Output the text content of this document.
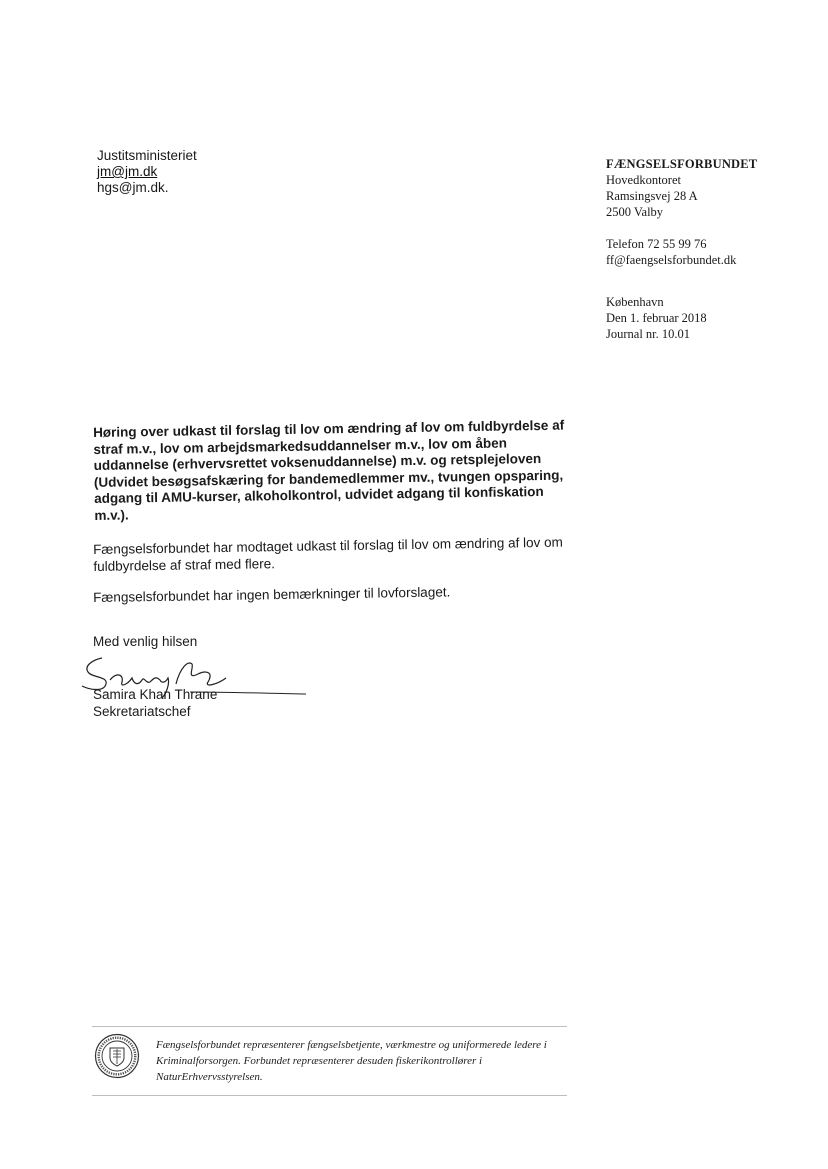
Justitsministeriet
jm@jm.dk
hgs@jm.dk.
FÆNGSELSFORBUNDET
Hovedkontoret
Ramsingsvej 28 A
2500 Valby
Telefon 72 55 99 76
ff@faengselsforbundet.dk
København
Den 1. februar 2018
Journal nr. 10.01
Høring over udkast til forslag til lov om ændring af lov om fuldbyrdelse af straf m.v., lov om arbejdsmarkedsuddannelser m.v., lov om åben uddannelse (erhvervsrettet voksenuddannelse) m.v. og retsplejeloven (Udvidet besøgsafskæring for bandemedlemmer mv., tvungen opsparing, adgang til AMU-kurser, alkoholkontrol, udvidet adgang til konfiskation m.v.).
Fængselsforbundet har modtaget udkast til forslag til lov om ændring af lov om fuldbyrdelse af straf med flere.
Fængselsforbundet har ingen bemærkninger til lovforslaget.
Med venlig hilsen
Samira Khan Thrane
Sekretariatschef
Fængselsforbundet repræsenterer fængselsbetjente, værkmestre og uniformerede ledere i Kriminalforsorgen. Forbundet repræsenterer desuden fiskerikontrollører i NaturErhvervsstyrelsen.
